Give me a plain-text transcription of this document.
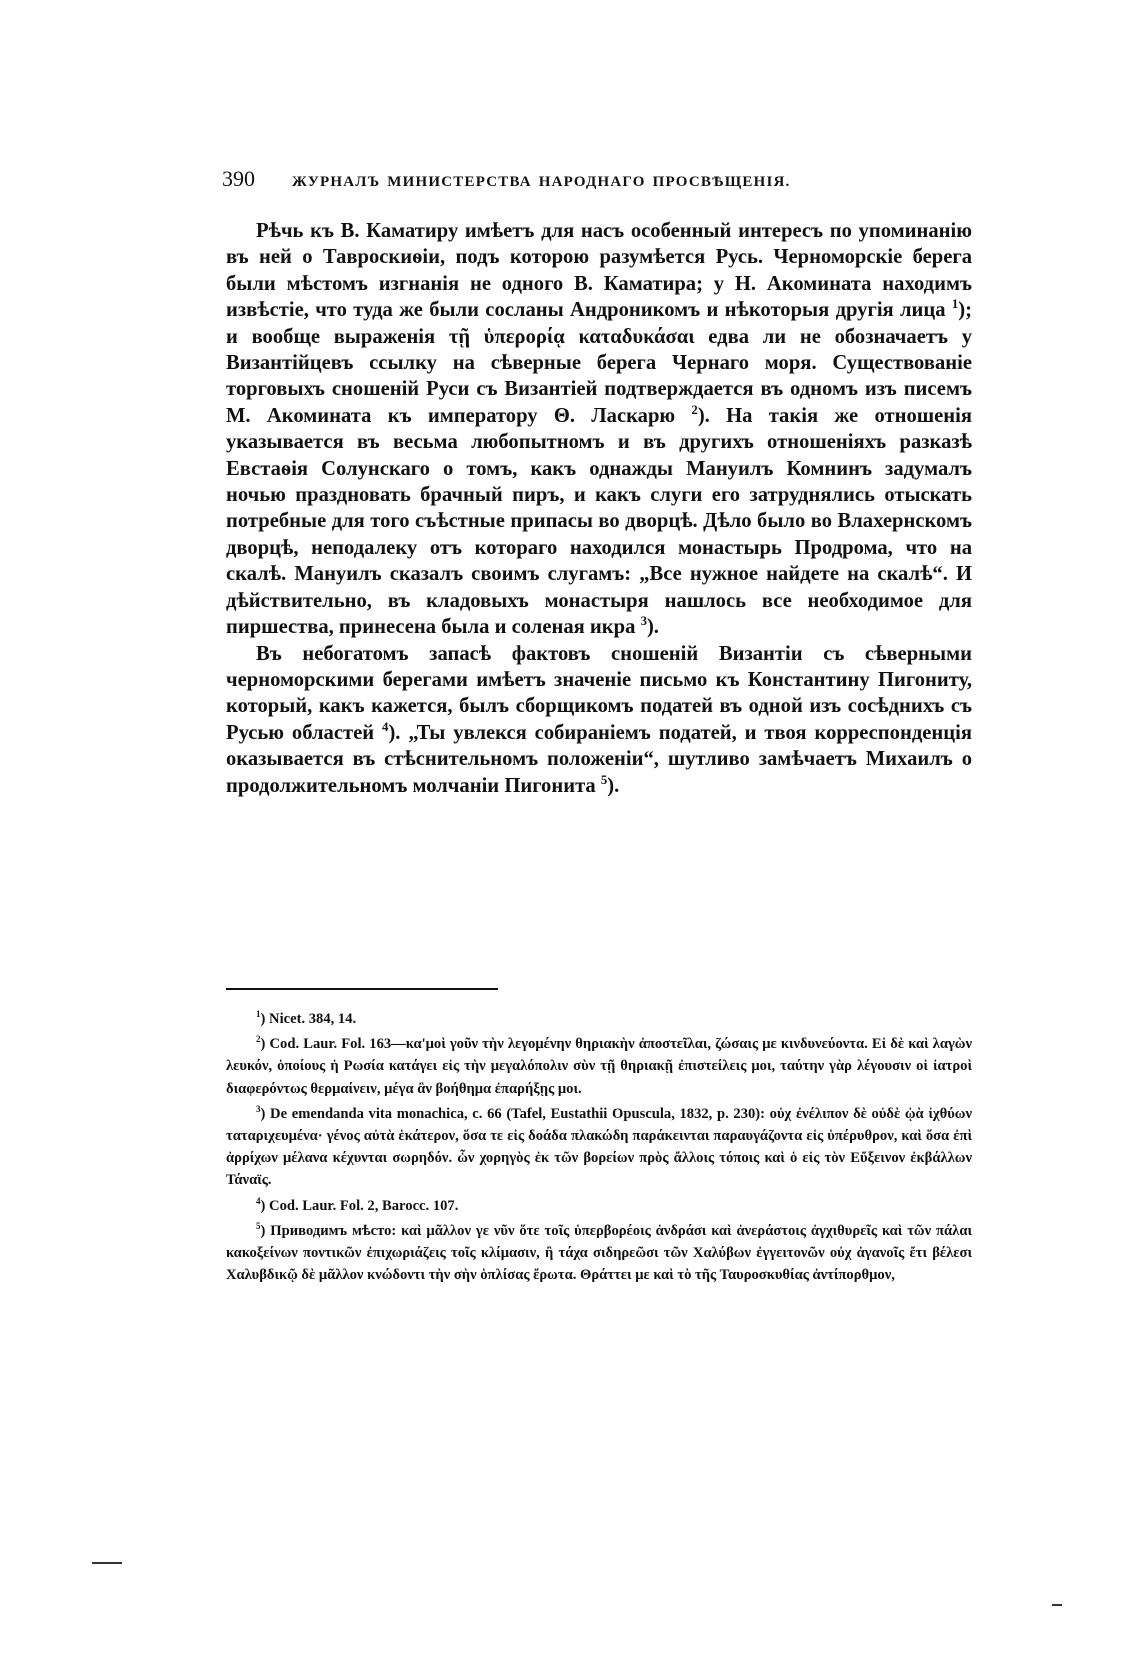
390	ЖУРНАЛЪ МИНИСТЕРСТВА НАРОДНАГО ПРОСВѢЩЕНІЯ.

Рѣчь къ В. Каматиру имѣетъ для насъ особенный интересъ по упоминанію въ ней о Тавроскиѳіи, подъ которою разумѣется Русь. Черноморскіе берега были мѣстомъ изгнанія не одного В. Каматира; у Н. Акомината находимъ извѣстіе, что туда же были сосланы Андроникомъ и нѣкоторыя другія лица $^1$); и вообще выраженія τῇ ὑπερορίᾳ καταδυκάσαι едва ли не обозначаетъ у Византійцевъ ссылку на сѣверные берега Чернаго моря. Существованіе торговыхъ сношеній Руси съ Византіей подтверждается въ одномъ изъ писемъ М. Акомината къ императору Θ. Ласкарю $^2$). На такія же отношенія указывается въ весьма любопытномъ и въ другихъ отношеніяхъ разказѣ Евстаѳія Солунскаго о томъ, какъ однажды Мануилъ Комнинъ задумалъ ночью праздновать брачный пиръ, и какъ слуги его затруднялись отыскать потребные для того съѣстные припасы во дворцѣ. Дѣло было во Влахернскомъ дворцѣ, неподалеку отъ котораго находился монастырь Продрома, что на скалѣ. Мануилъ сказалъ своимъ слугамъ: „Все нужное найдете на скалѣ“. И дѣйствительно, въ кладовыхъ монастыря нашлось все необходимое для пиршества, принесена была и соленая икра $^3$).

Въ небогатомъ запасѣ фактовъ сношеній Византіи съ сѣверными черноморскими берегами имѣетъ значеніе письмо къ Константину Пигониту, который, какъ кажется, былъ сборщикомъ податей въ одной изъ сосѣднихъ съ Русью областей $^4$). „Ты увлекся собираніемъ податей, и твоя корреспонденція оказывается въ стѣснительномъ положеніи“, шутливо замѣчаетъ Михаилъ о продолжительномъ молчаніи Пигонита $^5$).

$^1$) Nicet. 384, 14.

$^2$) Cod. Laur. Fol. 163—κα'μοὶ γοῦν τὴν λεγομένην θηριακὴν ἀποστεῖλαι, ζώσαις με κινδυνεύοντα. Εἰ δὲ καὶ λαγὼν λευκόν, ὁποίους ἡ Ρωσία κατάγει εἰς τὴν μεγαλόπολιν σὺν τῇ θηριακῇ ἐπιστείλεις μοι, ταύτην γὰρ λέγουσιν οἱ ἰατροὶ διαφερόντως θερμαίνειν, μέγα ἂν βοήθημα ἐπαρήξῃς μοι.

$^3$) De emendanda vita monachica, c. 66 (Tafel, Eustathii Opuscula, 1832, p. 230): οὐχ ἐνέλιπον δὲ οὐδὲ ᾠὰ ἰχθύων ταταριχευμένα· γένος αὐτὰ ἑκάτερον, ὅσα τε εἰς δοάδα πλακώδη παράκεινται παραυγάζοντα εἰς ὑπέρυθρον, καὶ ὅσα ἐπὶ ἀρρίχων μέλανα κέχυνται σωρηδόν. ὧν χορηγὸς ἐκ τῶν βορείων πρὸς ἄλλοις τόποις καὶ ὁ εἰς τὸν Εὔξεινον ἐκβάλλων Τάναϊς.

$^4$) Cod. Laur. Fol. 2, Barocc. 107.

$^5$) Приводимъ мѣсто: καὶ μᾶλλον γε νῦν ὅτε τοῖς ὑπερβορέοις ἀνδράσι καὶ ἀνεράστοις ἀγχιθυρεῖς καὶ τῶν πάλαι κακοξείνων ποντικῶν ἐπιχωριάζεις τοῖς κλίμασιν, ἢ τάχα σιδηρεῶσι τῶν Χαλύβων ἐγγειτονῶν οὐχ ἀγανοῖς ἔτι βέλεσι Χαλυβδικῷ δὲ μᾶλλον κνώδοντι τὴν σὴν ὁπλίσας ἔρωτα. Θράττει με καὶ τὸ τῆς Ταυροσκυθίας ἀντίπορθμον,
